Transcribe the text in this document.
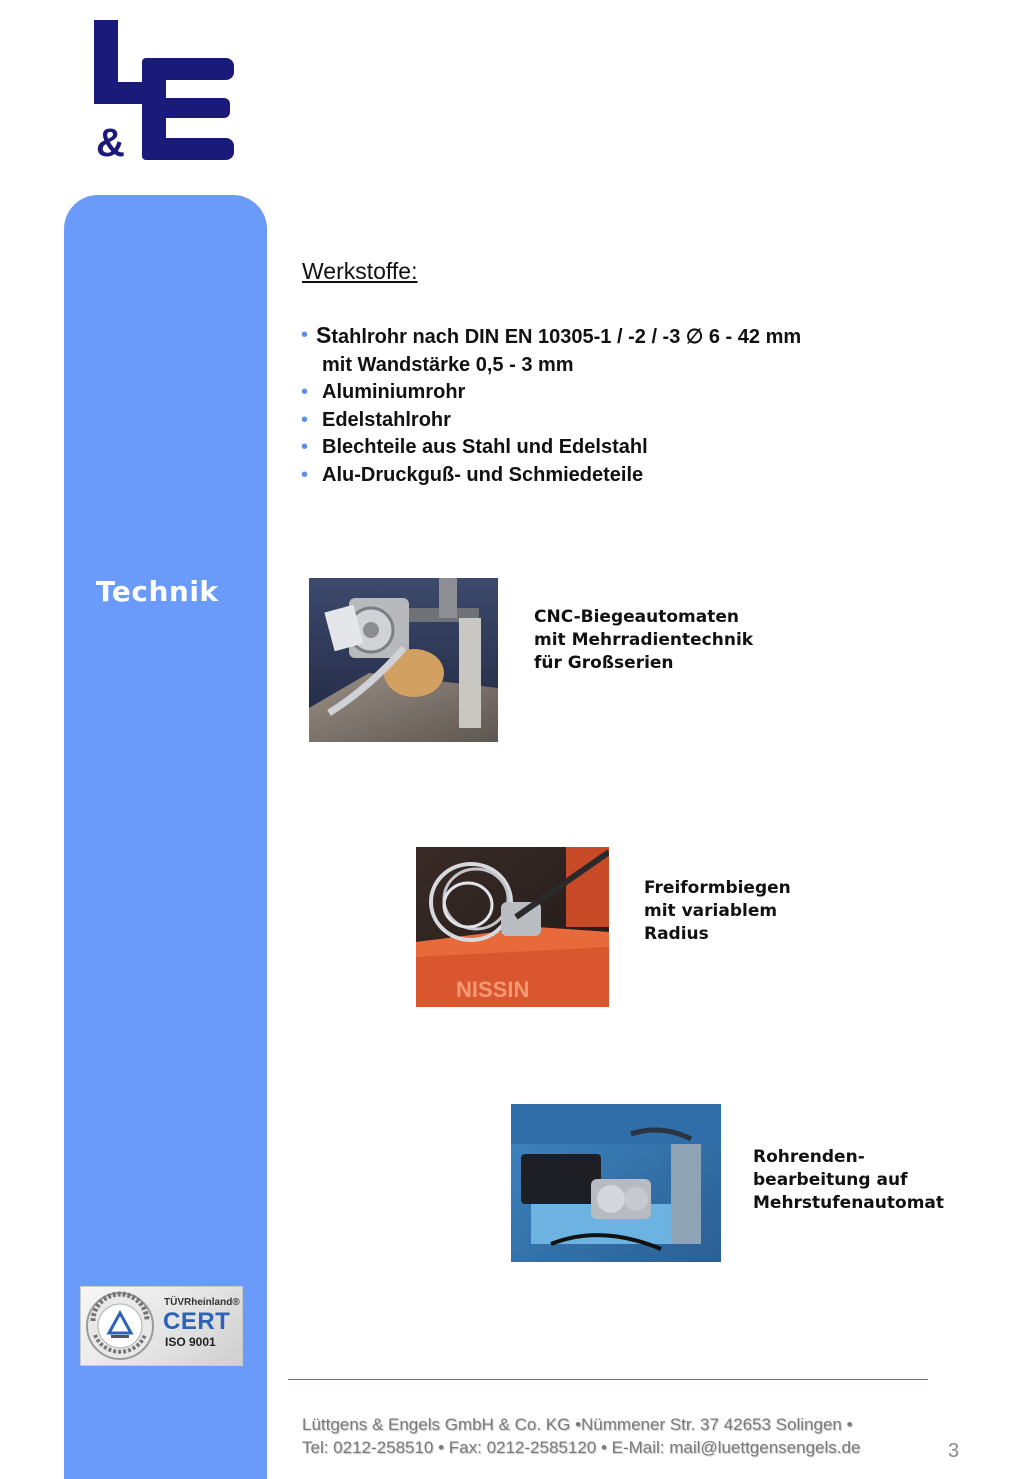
&
Technik
TÜVRheinland®
CERT
ISO 9001
Werkstoffe:
• Stahlrohr nach DIN EN 10305-1 / -2 / -3 ∅ 6 - 42 mm
mit Wandstärke 0,5 - 3 mm
• Aluminiumrohr
• Edelstahlrohr
• Blechteile aus Stahl und Edelstahl
• Alu-Druckguß- und Schmiedeteile
CNC-Biegeautomaten
mit Mehrradientechnik
für Großserien
NISSIN
Freiformbiegen
mit variablem
Radius
Rohrenden-
bearbeitung auf
Mehrstufenautomat
Lüttgens & Engels GmbH & Co. KG •Nümmener Str. 37 42653 Solingen •
Tel: 0212-258510 • Fax: 0212-2585120 • E-Mail: mail@luettgensengels.de	3
